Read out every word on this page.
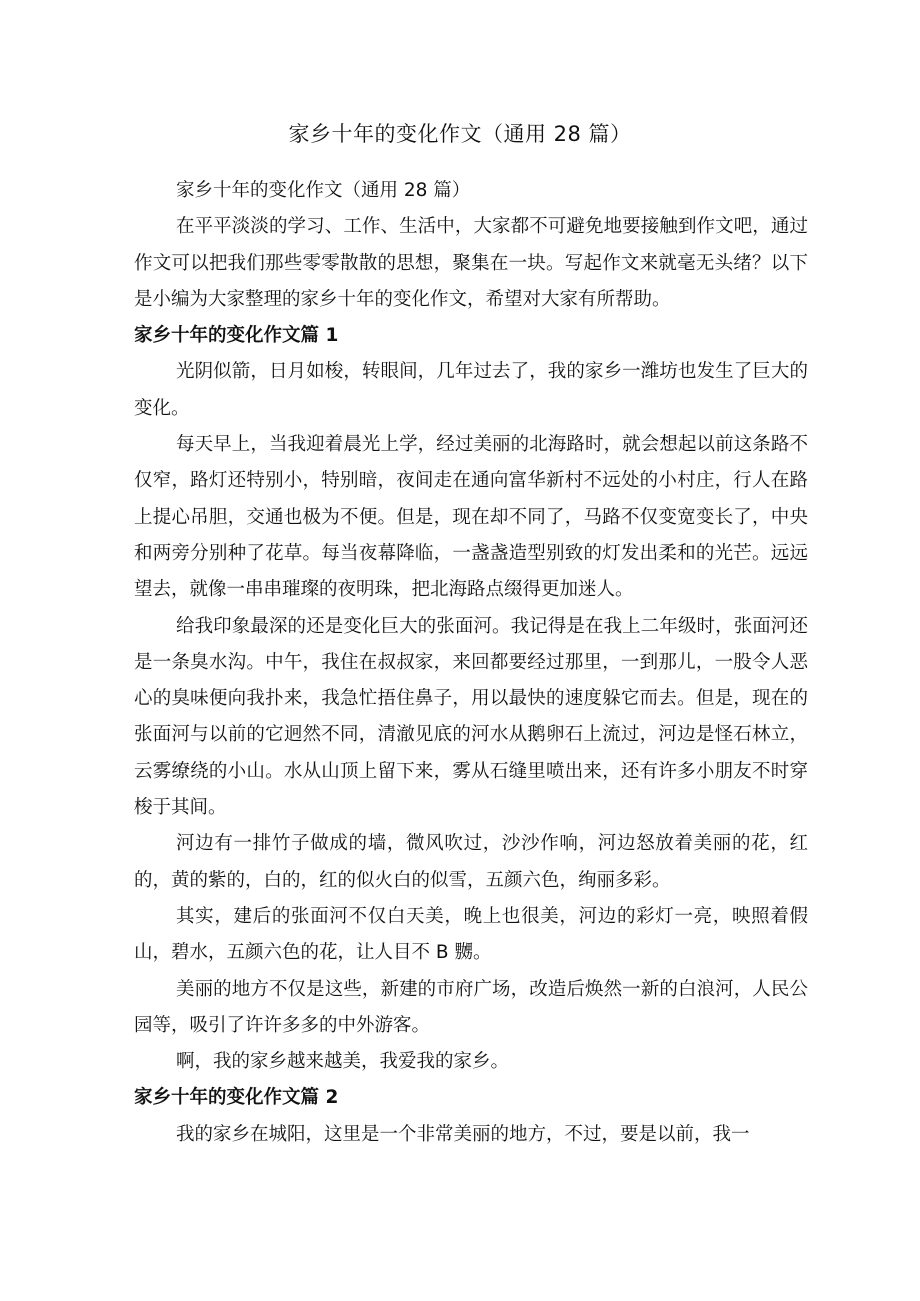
家乡十年的变化作文（通用 28 篇）

家乡十年的变化作文（通用 28 篇）

在平平淡淡的学习、工作、生活中，大家都不可避免地要接触到作文吧，通过作文可以把我们那些零零散散的思想，聚集在一块。写起作文来就毫无头绪？以下是小编为大家整理的家乡十年的变化作文，希望对大家有所帮助。

家乡十年的变化作文篇 1

光阴似箭，日月如梭，转眼间，几年过去了，我的家乡一潍坊也发生了巨大的变化。

每天早上，当我迎着晨光上学，经过美丽的北海路时，就会想起以前这条路不仅窄，路灯还特别小，特别暗，夜间走在通向富华新村不远处的小村庄，行人在路上提心吊胆，交通也极为不便。但是，现在却不同了，马路不仅变宽变长了，中央和两旁分别种了花草。每当夜幕降临，一盏盏造型别致的灯发出柔和的光芒。远远望去，就像一串串璀璨的夜明珠，把北海路点缀得更加迷人。

给我印象最深的还是变化巨大的张面河。我记得是在我上二年级时，张面河还是一条臭水沟。中午，我住在叔叔家，来回都要经过那里，一到那儿，一股令人恶心的臭味便向我扑来，我急忙捂住鼻子，用以最快的速度躲它而去。但是，现在的张面河与以前的它迥然不同，清澈见底的河水从鹅卵石上流过，河边是怪石林立，云雾缭绕的小山。水从山顶上留下来，雾从石缝里喷出来，还有许多小朋友不时穿梭于其间。

河边有一排竹子做成的墙，微风吹过，沙沙作响，河边怒放着美丽的花，红的，黄的紫的，白的，红的似火白的似雪，五颜六色，绚丽多彩。

其实，建后的张面河不仅白天美，晚上也很美，河边的彩灯一亮，映照着假山，碧水，五颜六色的花，让人目不 B 嬲。

美丽的地方不仅是这些，新建的市府广场，改造后焕然一新的白浪河，人民公园等，吸引了许许多多的中外游客。

啊，我的家乡越来越美，我爱我的家乡。

家乡十年的变化作文篇 2

我的家乡在城阳，这里是一个非常美丽的地方，不过，要是以前，我一
